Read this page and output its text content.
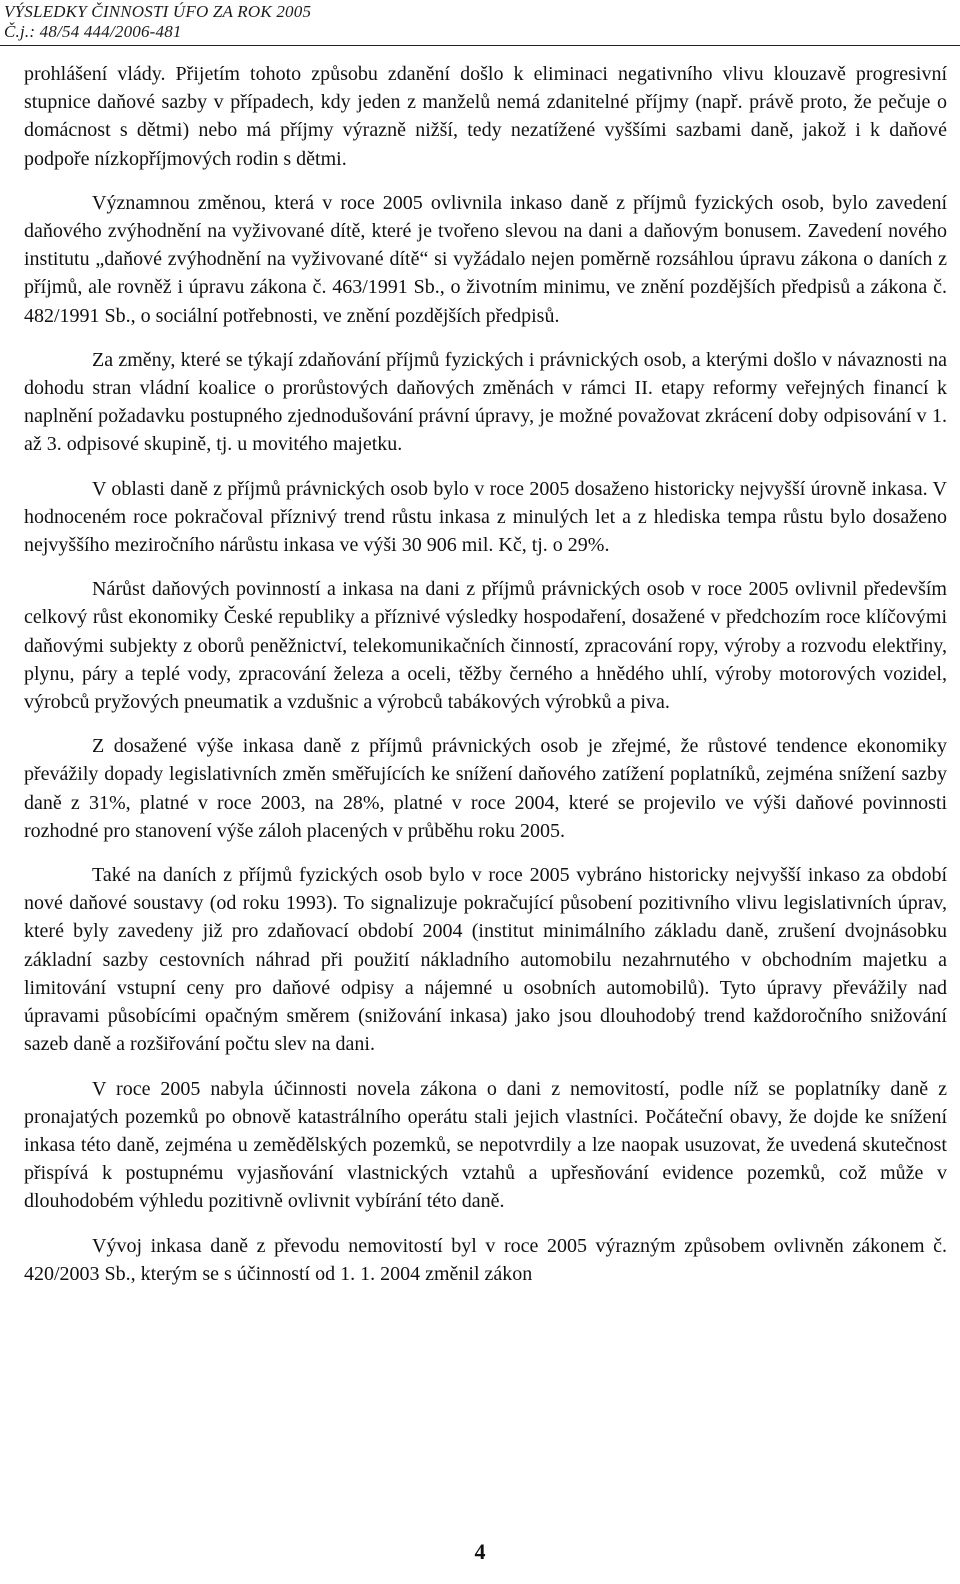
VÝSLEDKY ČINNOSTI ÚFO ZA ROK 2005
Č.j.: 48/54 444/2006-481

prohlášení vlády. Přijetím tohoto způsobu zdanění došlo k eliminaci negativního vlivu klouzavě progresivní stupnice daňové sazby v případech, kdy jeden z manželů nemá zdanitelné příjmy (např. právě proto, že pečuje o domácnost s dětmi) nebo má příjmy výrazně nižší, tedy nezatížené vyššími sazbami daně, jakož i k daňové podpoře nízkopříjmových rodin s dětmi.

Významnou změnou, která v roce 2005 ovlivnila inkaso daně z příjmů fyzických osob, bylo zavedení daňového zvýhodnění na vyživované dítě, které je tvořeno slevou na dani a daňovým bonusem. Zavedení nového institutu „daňové zvýhodnění na vyživované dítě“ si vyžádalo nejen poměrně rozsáhlou úpravu zákona o daních z příjmů, ale rovněž i úpravu zákona č. 463/1991 Sb., o životním minimu, ve znění pozdějších předpisů a zákona č. 482/1991 Sb., o sociální potřebnosti, ve znění pozdějších předpisů.

Za změny, které se týkají zdaňování příjmů fyzických i právnických osob, a kterými došlo v návaznosti na dohodu stran vládní koalice o prorůstových daňových změnách v rámci II. etapy reformy veřejných financí k naplnění požadavku postupného zjednodušování právní úpravy, je možné považovat zkrácení doby odpisování v 1. až 3. odpisové skupině, tj. u movitého majetku.

V oblasti daně z příjmů právnických osob bylo v roce 2005 dosaženo historicky nejvyšší úrovně inkasa. V hodnoceném roce pokračoval příznivý trend růstu inkasa z minulých let a z hlediska tempa růstu bylo dosaženo nejvyššího meziročního nárůstu inkasa ve výši 30 906 mil. Kč, tj. o 29%.

Nárůst daňových povinností a inkasa na dani z příjmů právnických osob v roce 2005 ovlivnil především celkový růst ekonomiky České republiky a příznivé výsledky hospodaření, dosažené v předchozím roce klíčovými daňovými subjekty z oborů peněžnictví, telekomunikačních činností, zpracování ropy, výroby a rozvodu elektřiny, plynu, páry a teplé vody, zpracování železa a oceli, těžby černého a hnědého uhlí, výroby motorových vozidel, výrobců pryžových pneumatik a vzdušnic a výrobců tabákových výrobků a piva.

Z dosažené výše inkasa daně z příjmů právnických osob je zřejmé, že růstové tendence ekonomiky převážily dopady legislativních změn směřujících ke snížení daňového zatížení poplatníků, zejména snížení sazby daně z 31%, platné v roce 2003, na 28%, platné v roce 2004, které se projevilo ve výši daňové povinnosti rozhodné pro stanovení výše záloh placených v průběhu roku 2005.

Také na daních z příjmů fyzických osob bylo v roce 2005 vybráno historicky nejvyšší inkaso za období nové daňové soustavy (od roku 1993). To signalizuje pokračující působení pozitivního vlivu legislativních úprav, které byly zavedeny již pro zdaňovací období 2004 (institut minimálního základu daně, zrušení dvojnásobku základní sazby cestovních náhrad při použití nákladního automobilu nezahrnutého v obchodním majetku a limitování vstupní ceny pro daňové odpisy a nájemné u osobních automobilů). Tyto úpravy převážily nad úpravami působícími opačným směrem (snižování inkasa) jako jsou dlouhodobý trend každoročního snižování sazeb daně a rozšiřování počtu slev na dani.

V roce 2005 nabyla účinnosti novela zákona o dani z nemovitostí, podle níž se poplatníky daně z pronajatých pozemků po obnově katastrálního operátu stali jejich vlastníci. Počáteční obavy, že dojde ke snížení inkasa této daně, zejména u zemědělských pozemků, se nepotvrdily a lze naopak usuzovat, že uvedená skutečnost přispívá k postupnému vyjasňování vlastnických vztahů a upřesňování evidence pozemků, což může v dlouhodobém výhledu pozitivně ovlivnit vybírání této daně.

Vývoj inkasa daně z převodu nemovitostí byl v roce 2005 výrazným způsobem ovlivněn zákonem č. 420/2003 Sb., kterým se s účinností od 1. 1. 2004 změnil zákon

4
